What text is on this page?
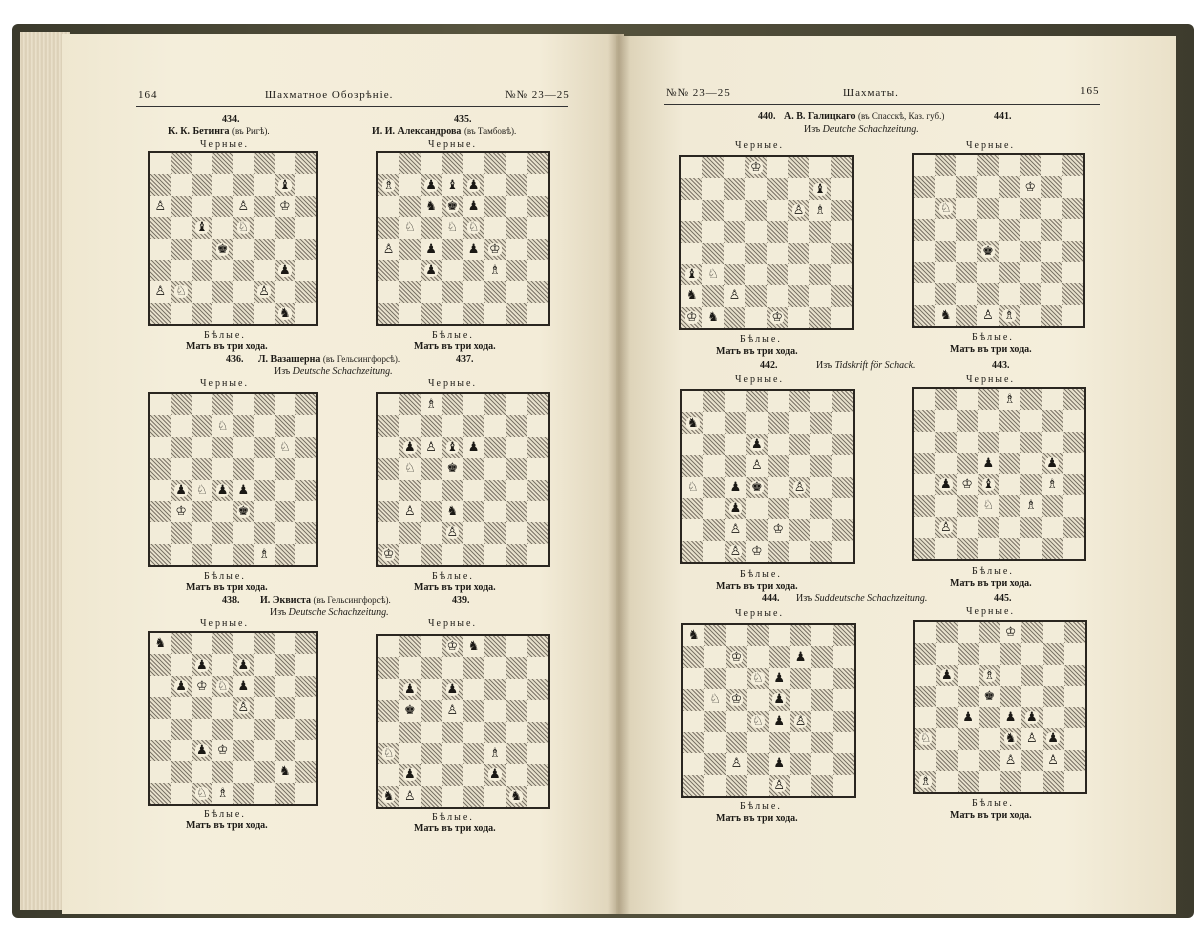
164	Шахматное Обозрѣніе.	№№ 23—25	№№ 23—25	Шахматы.	165
434.
К. К. Бетинга (въ Ригѣ).
Черные.
♝
♙	♙ ♔
♝ ♘
♚
♟
♙ ♘	♙
♞
Бѣлые.
Матъ въ три хода.
435.
И. И. Александрова (въ Тамбовѣ).
Черные.
♗ ♟ ♝ ♟
♞ ♚ ♟
♘ ♘ ♘
♙ ♟ ♟ ♔
♟	♗
Бѣлые.
Матъ въ три хода.
436. Л. Вазашерна (въ Гельсингфорсѣ).	437.
Изъ Deutsche Schachzeitung.
Черные.	Черные.
♘
♘
♟ ♘ ♟ ♟
♔	♚
♗
♗
♟ ♙ ♝ ♟
♘ ♚
♙ ♞
♙
♔
Бѣлые.
Матъ въ три хода.
Бѣлые.
Матъ въ три хода.
438. И. Эквиста (въ Гельсингфорсѣ).	439.
Изъ Deutsche Schachzeitung.
Черные.	Черные.
♞
♟ ♟
♟ ♔ ♘ ♟
♙
♟ ♔
♞
♘ ♗
♔ ♞
♟ ♟
♚ ♙
♘	♗
♟	♟
♞ ♙	♞
Бѣлые.
Матъ въ три хода.
Бѣлые.
Матъ въ три хода.
440. А. В. Галицкаго (въ Спасскѣ, Каз. губ.)	441.
Изъ Deutche Schachzeitung.
Черные.	Черные.
♔
♝
♙ ♗
♝ ♘
♞ ♙
♔ ♞	♔
♔
♘
♚
♞ ♙ ♗
Бѣлые.
Матъ въ три хода.
Бѣлые.
Матъ въ три хода.
442.	Изъ Tidskrift för Schack.	443.
Черные.	Черные.
♞
♟
♙
♘ ♟ ♚ ♙
♟
♙ ♔
♙ ♔
♗
♟	♟
♟ ♔ ♝	♗
♘ ♗
♙
Бѣлые.
Матъ въ три хода.
Бѣлые.
Матъ въ три хода.
444. Изъ Suddeutsche Schachzeitung.	445.
Черные.	Черные.
♞
♔	♟
♘ ♟
♘ ♔ ♟
♘ ♟ ♙
♙ ♟
♙
♔
♟ ♗
♚
♟ ♟ ♟
♘	♞ ♙ ♟
♙ ♙
♗
Бѣлые.
Матъ въ три хода.
Бѣлые.
Матъ въ три хода.
